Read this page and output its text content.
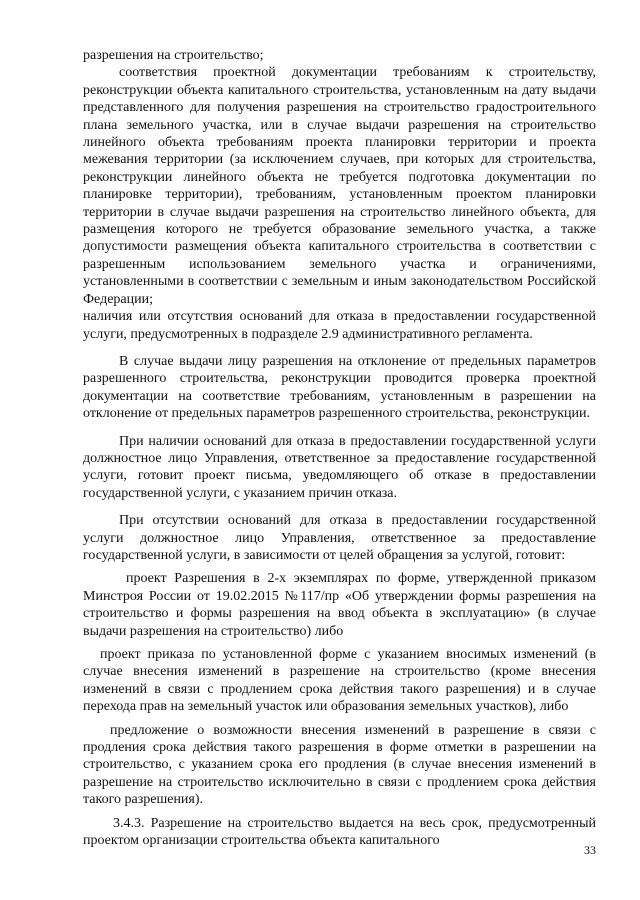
разрешения на строительство;

соответствия проектной документации требованиям к строительству, реконструкции объекта капитального строительства, установленным на дату выдачи представленного для получения разрешения на строительство градостроительного плана земельного участка, или в случае выдачи разрешения на строительство линейного объекта требованиям проекта планировки территории и проекта межевания территории (за исключением случаев, при которых для строительства, реконструкции линейного объекта не требуется подготовка документации по планировке территории), требованиям, установленным проектом планировки территории в случае выдачи разрешения на строительство линейного объекта, для размещения которого не требуется образование земельного участка, а также допустимости размещения объекта капитального строительства в соответствии с разрешенным использованием земельного участка и ограничениями, установленными в соответствии с земельным и иным законодательством Российской Федерации;

наличия или отсутствия оснований для отказа в предоставлении государственной услуги, предусмотренных в подразделе 2.9 административного регламента.

В случае выдачи лицу разрешения на отклонение от предельных параметров разрешенного строительства, реконструкции проводится проверка проектной документации на соответствие требованиям, установленным в разрешении на отклонение от предельных параметров разрешенного строительства, реконструкции.

При наличии оснований для отказа в предоставлении государственной услуги должностное лицо Управления, ответственное за предоставление государственной услуги, готовит проект письма, уведомляющего об отказе в предоставлении государственной услуги, с указанием причин отказа.

При отсутствии оснований для отказа в предоставлении государственной услуги должностное лицо Управления, ответственное за предоставление государственной услуги, в зависимости от целей обращения за услугой, готовит:

проект Разрешения в 2-х экземплярах по форме, утвержденной приказом Минстроя России от 19.02.2015 №117/пр «Об утверждении формы разрешения на строительство и формы разрешения на ввод объекта в эксплуатацию» (в случае выдачи разрешения на строительство) либо

проект приказа по установленной форме с указанием вносимых изменений (в случае внесения изменений в разрешение на строительство (кроме внесения изменений в связи с продлением срока действия такого разрешения) и в случае перехода прав на земельный участок или образования земельных участков), либо

предложение о возможности внесения изменений в разрешение в связи с продления срока действия такого разрешения в форме отметки в разрешении на строительство, с указанием срока его продления (в случае внесения изменений в разрешение на строительство исключительно в связи с продлением срока действия такого разрешения).

3.4.3. Разрешение на строительство выдается на весь срок, предусмотренный проектом организации строительства объекта капитального

33
